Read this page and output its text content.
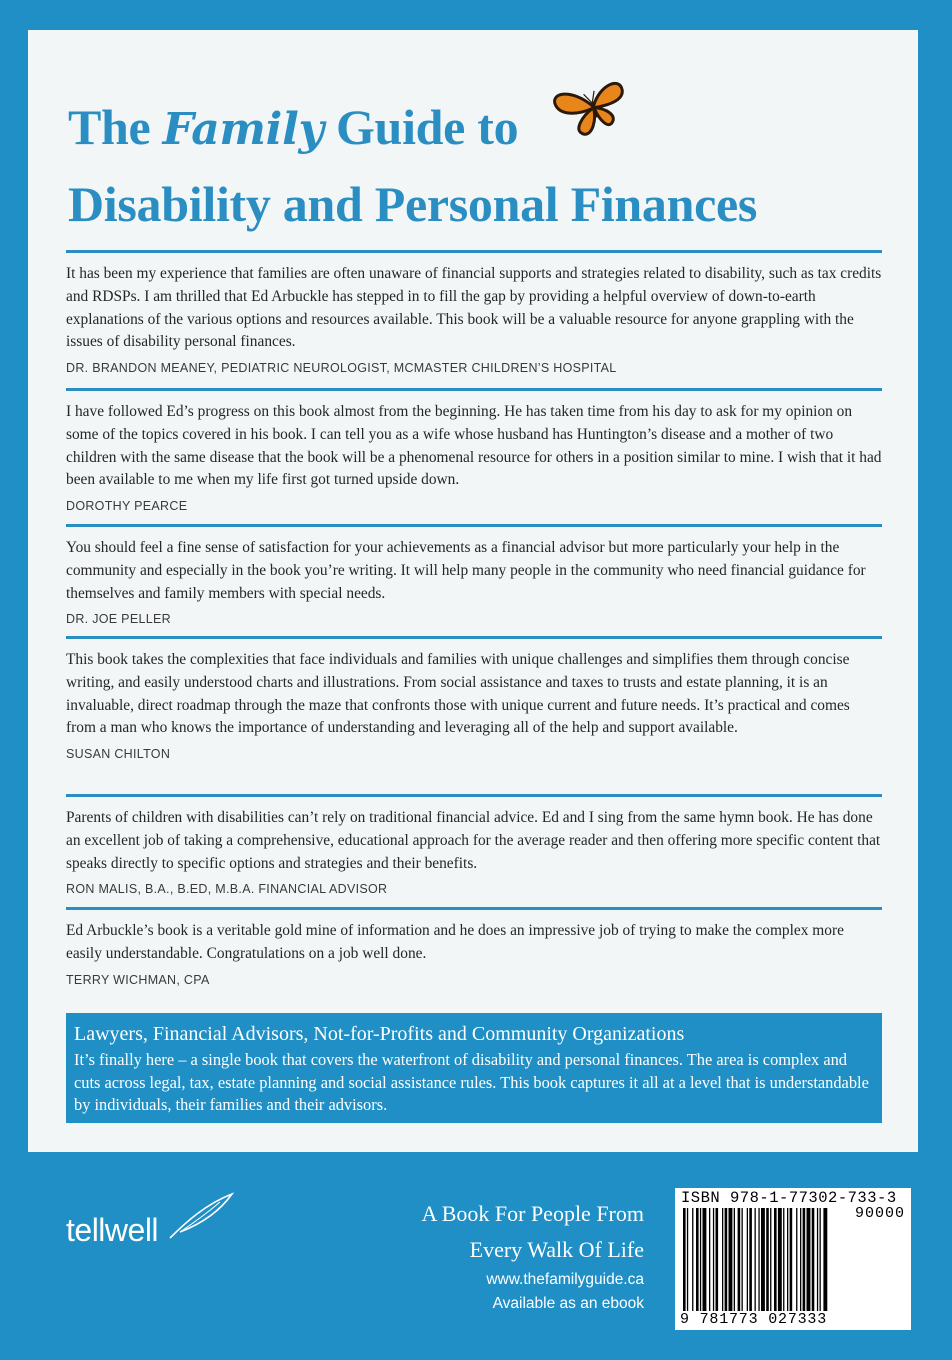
The Family Guide to
Disability and Personal Finances

It has been my experience that families are often unaware of financial supports and strategies related to disability, such as tax credits and RDSPs. I am thrilled that Ed Arbuckle has stepped in to fill the gap by providing a helpful overview of down-to-earth explanations of the various options and resources available. This book will be a valuable resource for anyone grappling with the issues of disability personal finances.

DR. BRANDON MEANEY, PEDIATRIC NEUROLOGIST, MCMASTER CHILDREN’S HOSPITAL

I have followed Ed’s progress on this book almost from the beginning. He has taken time from his day to ask for my opinion on some of the topics covered in his book. I can tell you as a wife whose husband has Huntington’s disease and a mother of two children with the same disease that the book will be a phenomenal resource for others in a position similar to mine. I wish that it had been available to me when my life first got turned upside down.

DOROTHY PEARCE

You should feel a fine sense of satisfaction for your achievements as a financial advisor but more particularly your help in the community and especially in the book you’re writing. It will help many people in the community who need financial guidance for themselves and family members with special needs.

DR. JOE PELLER

This book takes the complexities that face individuals and families with unique challenges and simplifies them through concise writing, and easily understood charts and illustrations. From social assistance and taxes to trusts and estate planning, it is an invaluable, direct roadmap through the maze that confronts those with unique current and future needs. It’s practical and comes from a man who knows the importance of understanding and leveraging all of the help and support available.

SUSAN CHILTON

Parents of children with disabilities can’t rely on traditional financial advice. Ed and I sing from the same hymn book. He has done an excellent job of taking a comprehensive, educational approach for the average reader and then offering more specific content that speaks directly to specific options and strategies and their benefits.

RON MALIS, B.A., B.ED, M.B.A. FINANCIAL ADVISOR

Ed Arbuckle’s book is a veritable gold mine of information and he does an impressive job of trying to make the complex more easily understandable. Congratulations on a job well done.

TERRY WICHMAN, CPA
Lawyers, Financial Advisors, Not-for-Profits and Community Organizations
It’s finally here – a single book that covers the waterfront of disability and personal finances. The area is complex and cuts across legal, tax, estate planning and social assistance rules. This book captures it all at a level that is understandable by individuals, their families and their advisors.
tellwell	A Book For People From
Every Walk Of Life
www.thefamilyguide.ca
Available as an ebook
ISBN 978-1-77302-733-3
90000
9 781773 027333
